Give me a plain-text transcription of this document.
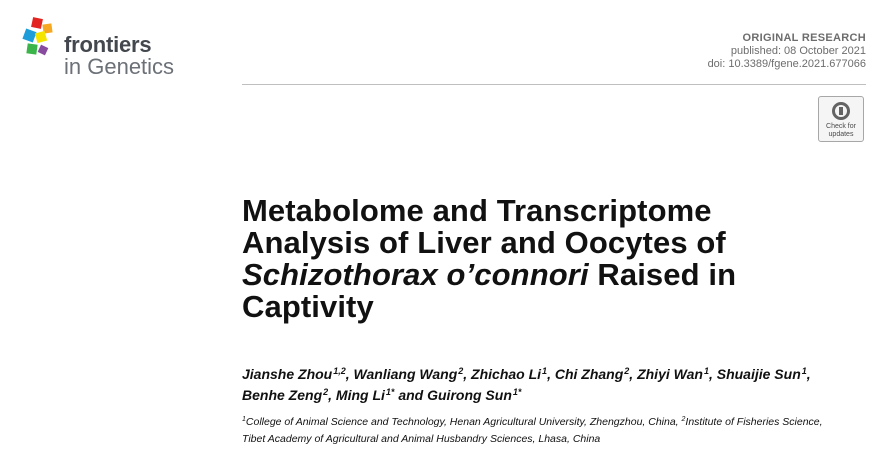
frontiers
in Genetics
ORIGINAL RESEARCH
published: 08 October 2021
doi: 10.3389/fgene.2021.677066
Check for
updates
Metabolome and Transcriptome
Analysis of Liver and Oocytes of
Schizothorax o’connori Raised in
Captivity
Jianshe Zhou$^{1,2}$, Wanliang Wang$^2$, Zhichao Li$^1$, Chi Zhang$^2$, Zhiyi Wan$^1$, Shuaijie Sun$^1$,
Benhe Zeng$^2$, Ming $Li^{1*}$ and Guirong Sun$^{1*}$
$^1$College of Animal Science and Technology, Henan Agricultural University, Zhengzhou, China, $^2$Institute of Fisheries Science,
Tibet Academy of Agricultural and Animal Husbandry Sciences, Lhasa, China
